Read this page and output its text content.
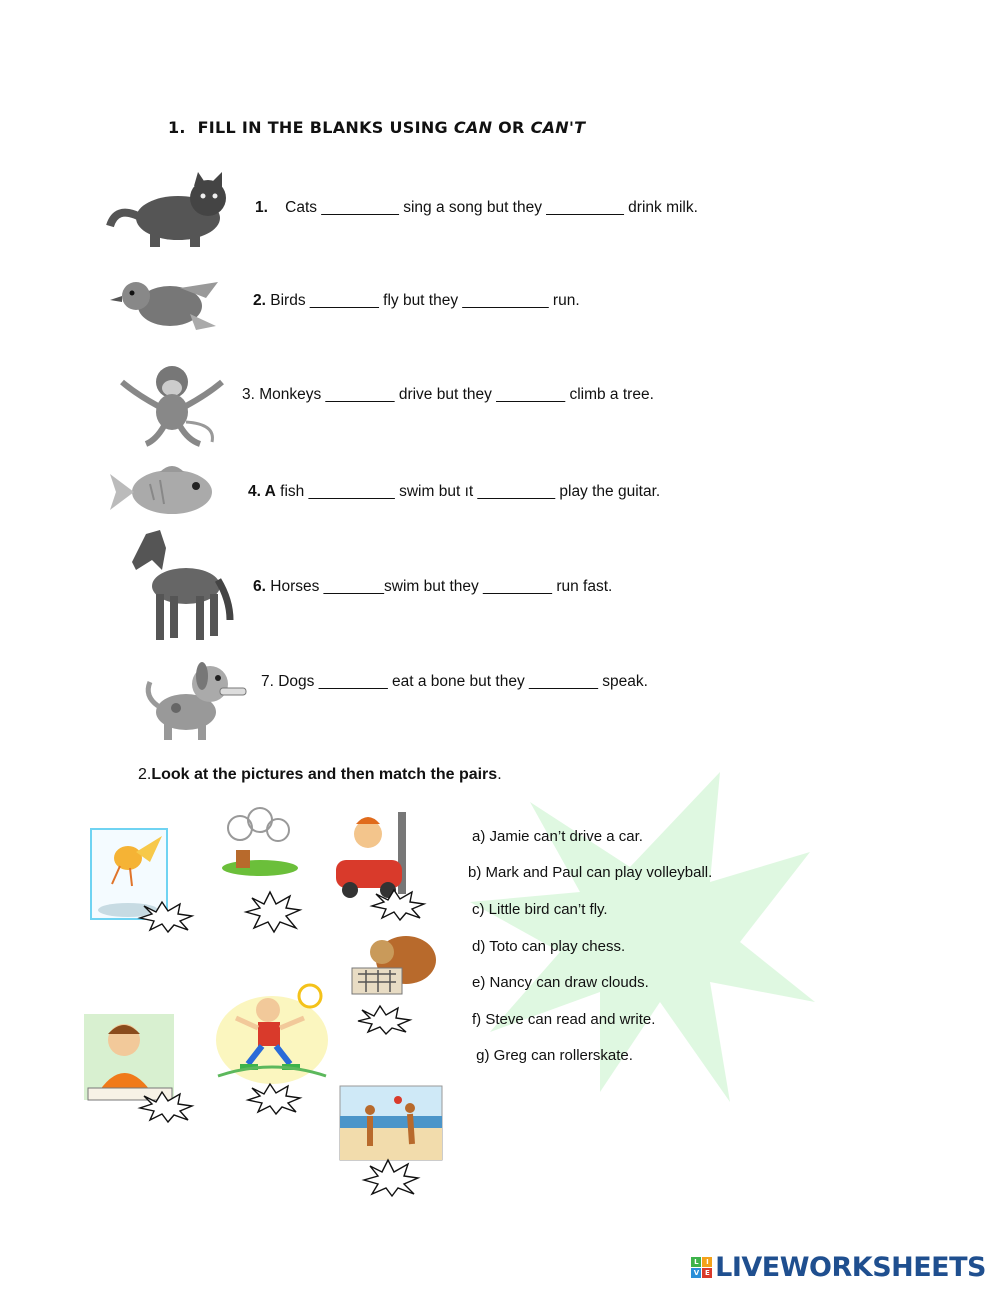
1. FILL IN THE BLANKS USING CAN OR CAN'T
1. Cats _________ sing a song but they _________ drink milk.
2. Birds ________ fly but they __________ run.
3. Monkeys ________ drive but they ________ climb a tree.
4. A fish __________ swim but ıt _________ play the guitar.
6. Horses _______swim but they ________ run fast.
7. Dogs ________ eat a bone but they ________ speak.
2.Look at the pictures and then match the pairs.
a) Jamie can’t drive a car.
b) Mark and Paul can play volleyball.
c) Little bird can’t fly.
d) Toto can play chess.
e) Nancy can draw clouds.
f) Steve can read and write.
g) Greg can rollerskate.
L	I
V E LIVEWORKSHEETS
